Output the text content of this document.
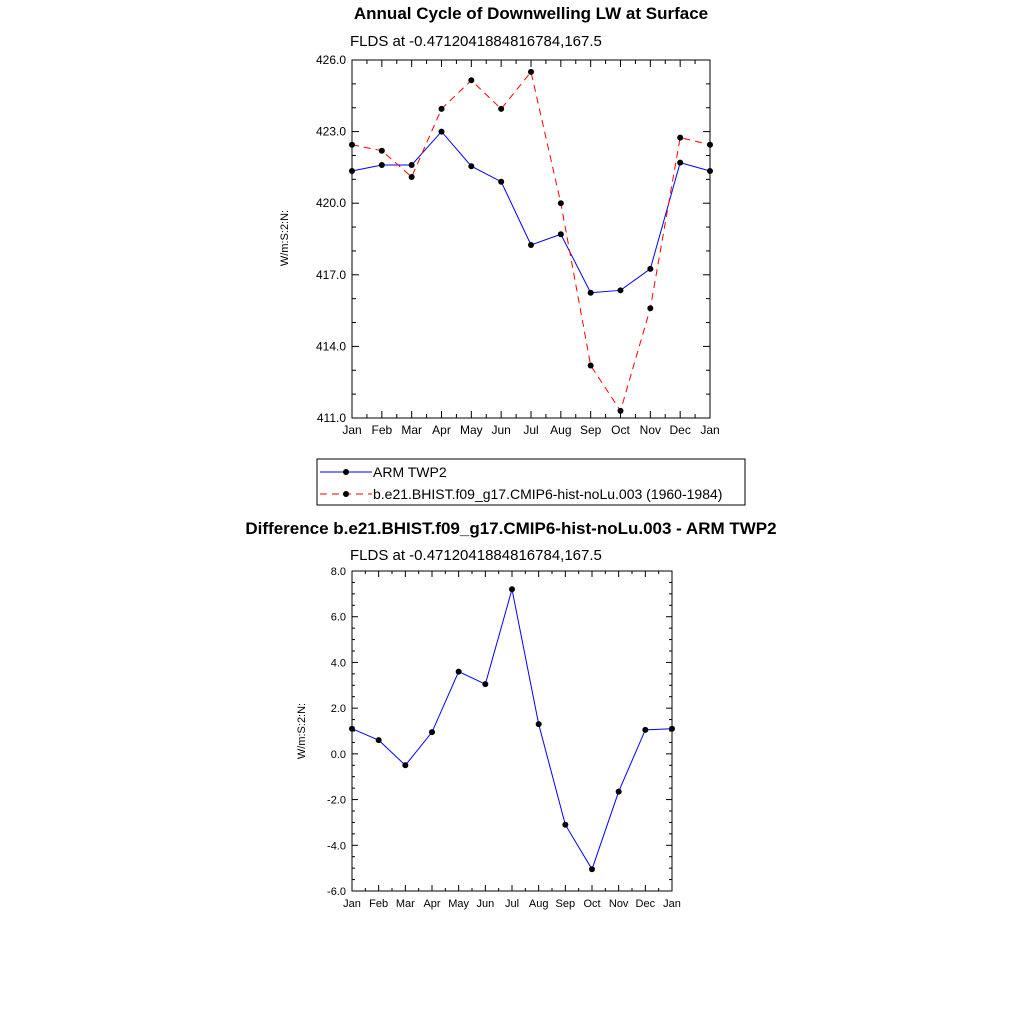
Annual Cycle of Downwelling LW at Surface
FLDS at -0.4712041884816784,167.5
W/m:S:2:N:
Jan Feb Mar Apr May Jun Jul Aug Sep Oct Nov Dec Jan
411.0
414.0
417.0
420.0
423.0
426.0
ARM TWP2
b.e21.BHIST.f09_g17.CMIP6-hist-noLu.003 (1960-1984)
Difference b.e21.BHIST.f09_g17.CMIP6-hist-noLu.003 - ARM TWP2
FLDS at -0.4712041884816784,167.5
W/m:S:2:N:
Jan Feb Mar Apr May Jun Jul Aug Sep Oct Nov Dec Jan
-6.0
-4.0
-2.0
0.0
2.0
4.0
6.0
8.0
